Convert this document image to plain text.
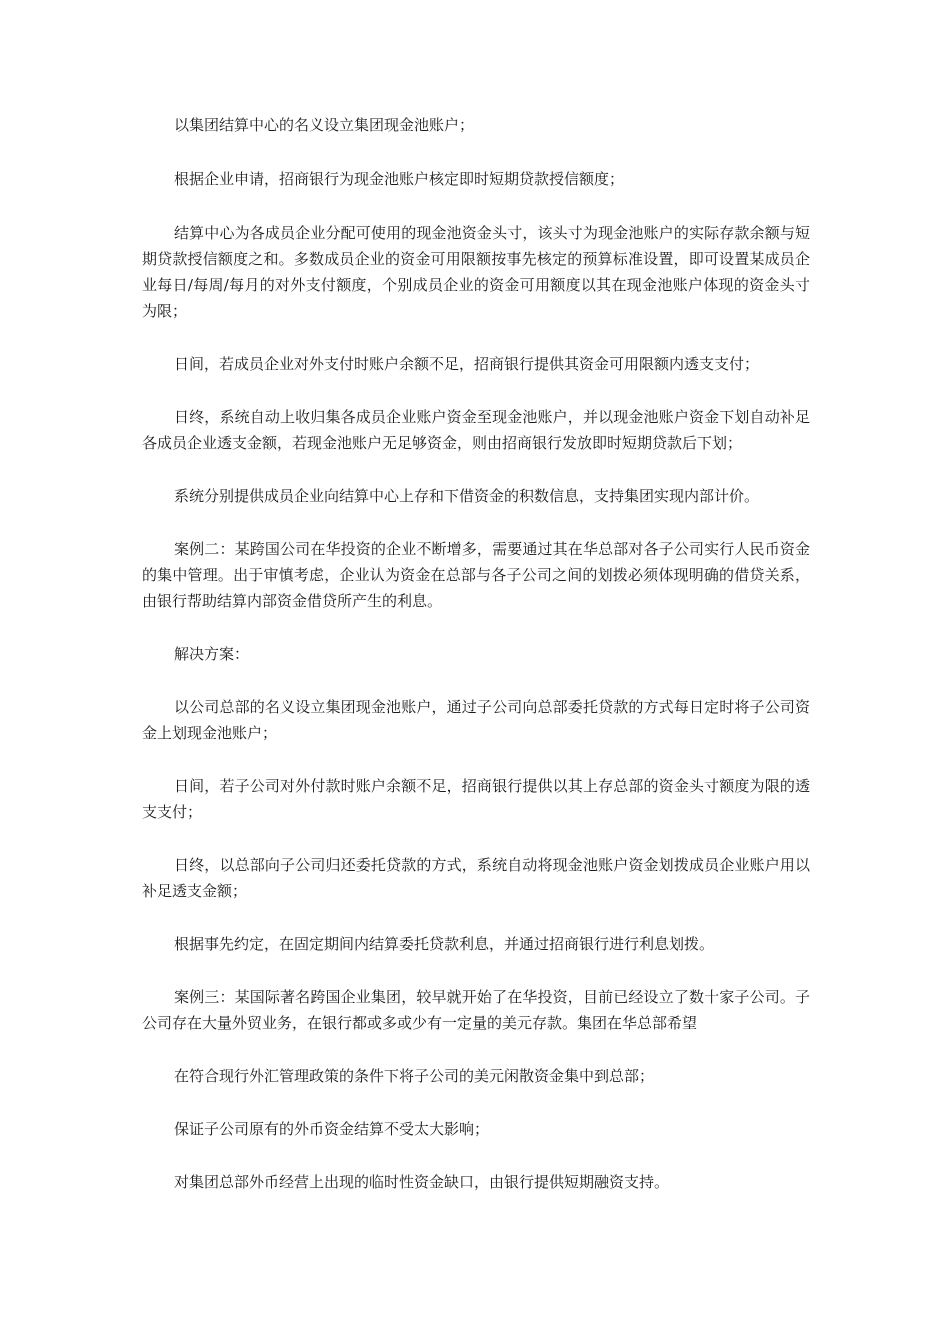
以集团结算中心的名义设立集团现金池账户；

根据企业申请，招商银行为现金池账户核定即时短期贷款授信额度；

结算中心为各成员企业分配可使用的现金池资金头寸，该头寸为现金池账户的实际存款余额与短期贷款授信额度之和。多数成员企业的资金可用限额按事先核定的预算标准设置，即可设置某成员企业每日/每周/每月的对外支付额度，个别成员企业的资金可用额度以其在现金池账户体现的资金头寸为限；

日间，若成员企业对外支付时账户余额不足，招商银行提供其资金可用限额内透支支付；

日终，系统自动上收归集各成员企业账户资金至现金池账户，并以现金池账户资金下划自动补足各成员企业透支金额，若现金池账户无足够资金，则由招商银行发放即时短期贷款后下划；

系统分别提供成员企业向结算中心上存和下借资金的积数信息，支持集团实现内部计价。

案例二：某跨国公司在华投资的企业不断增多，需要通过其在华总部对各子公司实行人民币资金的集中管理。出于审慎考虑，企业认为资金在总部与各子公司之间的划拨必须体现明确的借贷关系，由银行帮助结算内部资金借贷所产生的利息。

解决方案：

以公司总部的名义设立集团现金池账户，通过子公司向总部委托贷款的方式每日定时将子公司资金上划现金池账户；

日间，若子公司对外付款时账户余额不足，招商银行提供以其上存总部的资金头寸额度为限的透支支付；

日终，以总部向子公司归还委托贷款的方式，系统自动将现金池账户资金划拨成员企业账户用以补足透支金额；

根据事先约定，在固定期间内结算委托贷款利息，并通过招商银行进行利息划拨。

案例三：某国际著名跨国企业集团，较早就开始了在华投资，目前已经设立了数十家子公司。子公司存在大量外贸业务，在银行都或多或少有一定量的美元存款。集团在华总部希望

在符合现行外汇管理政策的条件下将子公司的美元闲散资金集中到总部；

保证子公司原有的外币资金结算不受太大影响；

对集团总部外币经营上出现的临时性资金缺口，由银行提供短期融资支持。
